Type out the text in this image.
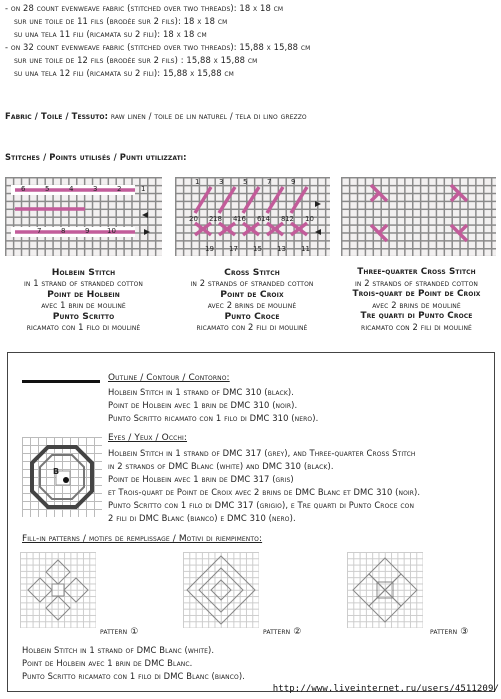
- on 28 count evenweave fabric (stitched over two threads): 18 x 18 cm
sur une toile de 11 fils (brodée sur 2 fils): 18 x 18 cm
su una tela 11 fili (ricamata su 2 fili): 18 x 18 cm
- on 32 count evenweave fabric (stitched over two threads): 15,88 x 15,88 cm
sur une toile de 12 fils (brodée sur 2 fils) : 15,88 x 15,88 cm
su una tela 12 fili (ricamata su 2 fili): 15,88 x 15,88 cm
Fabric / Toile / Tessuto: raw linen / toile de lin naturel / tela di lino grezzo
Stitches / Points utilisés / Punti utilizzati:
6	5	4	3	2	1
7	8	9 10
1	3	5	7	9
20 18 16 14 12
2	4	6	8	10
19 17 15 13 11
Holbein Stitch
in 1 strand of stranded cotton
Point de Holbein
avec 1 brin de mouliné
Punto Scritto
ricamato con 1 filo di mouliné
Cross Stitch
in 2 strands of stranded cotton
Point de Croix
avec 2 brins de mouliné
Punto Croce
ricamato con 2 fili di mouliné
Three-quarter Cross Stitch
in 2 strands of stranded cotton
Trois-quart de Point de Croix
avec 2 brins de mouliné
Tre quarti di Punto Croce
ricamato con 2 fili di mouliné
Outline / Contour / Contorno:
Holbein Stitch in 1 strand of DMC 310 (black).
Point de Holbein avec 1 brin de DMC 310 (noir).
Punto Scritto ricamato con 1 filo di DMC 310 (nero).
B
Eyes / Yeux / Occhi:
Holbein Stitch in 1 strand of DMC 317 (grey), and Three-quarter Cross Stitch
in 2 strands of DMC Blanc (white) and DMC 310 (black).
Point de Holbein avec 1 brin de DMC 317 (gris)
et Trois-quart de Point de Croix avec 2 brins de DMC Blanc et DMC 310 (noir).
Punto Scritto con 1 filo di DMC 317 (grigio), e Tre quarti di Punto Croce con
2 fili di DMC Blanc (bianco) e DMC 310 (nero).
Fill-in patterns / motifs de remplissage / Motivi di riempimento:
pattern ①	pattern ②	pattern ③
Holbein Stitch in 1 strand of DMC Blanc (white).
Point de Holbein avec 1 brin de DMC Blanc.
Punto Scritto ricamato con 1 filo di DMC Blanc (bianco).
http://www.liveinternet.ru/users/4511209/
